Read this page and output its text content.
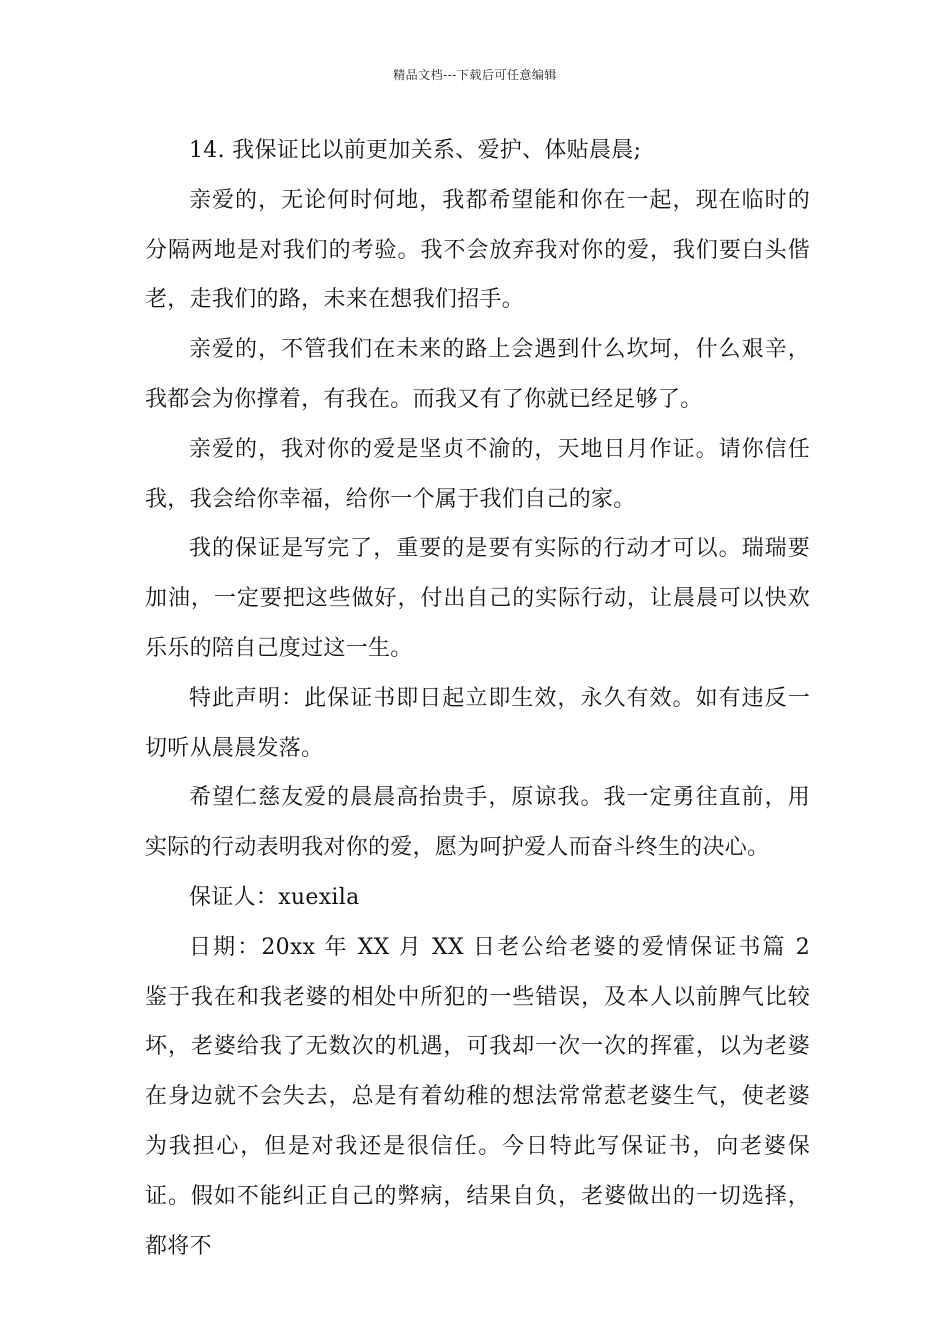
精品文档---下载后可任意编辑

14. 我保证比以前更加关系、爱护、体贴晨晨;

亲爱的，无论何时何地，我都希望能和你在一起，现在临时的分隔两地是对我们的考验。我不会放弃我对你的爱，我们要白头偕老，走我们的路，未来在想我们招手。

亲爱的，不管我们在未来的路上会遇到什么坎坷，什么艰辛，我都会为你撑着，有我在。而我又有了你就已经足够了。

亲爱的，我对你的爱是坚贞不渝的，天地日月作证。请你信任我，我会给你幸福，给你一个属于我们自己的家。

我的保证是写完了，重要的是要有实际的行动才可以。瑞瑞要加油，一定要把这些做好，付出自己的实际行动，让晨晨可以快欢乐乐的陪自己度过这一生。

特此声明：此保证书即日起立即生效，永久有效。如有违反一切听从晨晨发落。

希望仁慈友爱的晨晨高抬贵手，原谅我。我一定勇往直前，用实际的行动表明我对你的爱，愿为呵护爱人而奋斗终生的决心。

保证人：xuexila

日期：20xx 年 XX 月 XX 日老公给老婆的爱情保证书篇 2　　 鉴于我在和我老婆的相处中所犯的一些错误，及本人以前脾气比较坏，老婆给我了无数次的机遇，可我却一次一次的挥霍，以为老婆在身边就不会失去，总是有着幼稚的想法常常惹老婆生气，使老婆为我担心，但是对我还是很信任。今日特此写保证书，向老婆保证。假如不能纠正自己的弊病，结果自负，老婆做出的一切选择，都将不
